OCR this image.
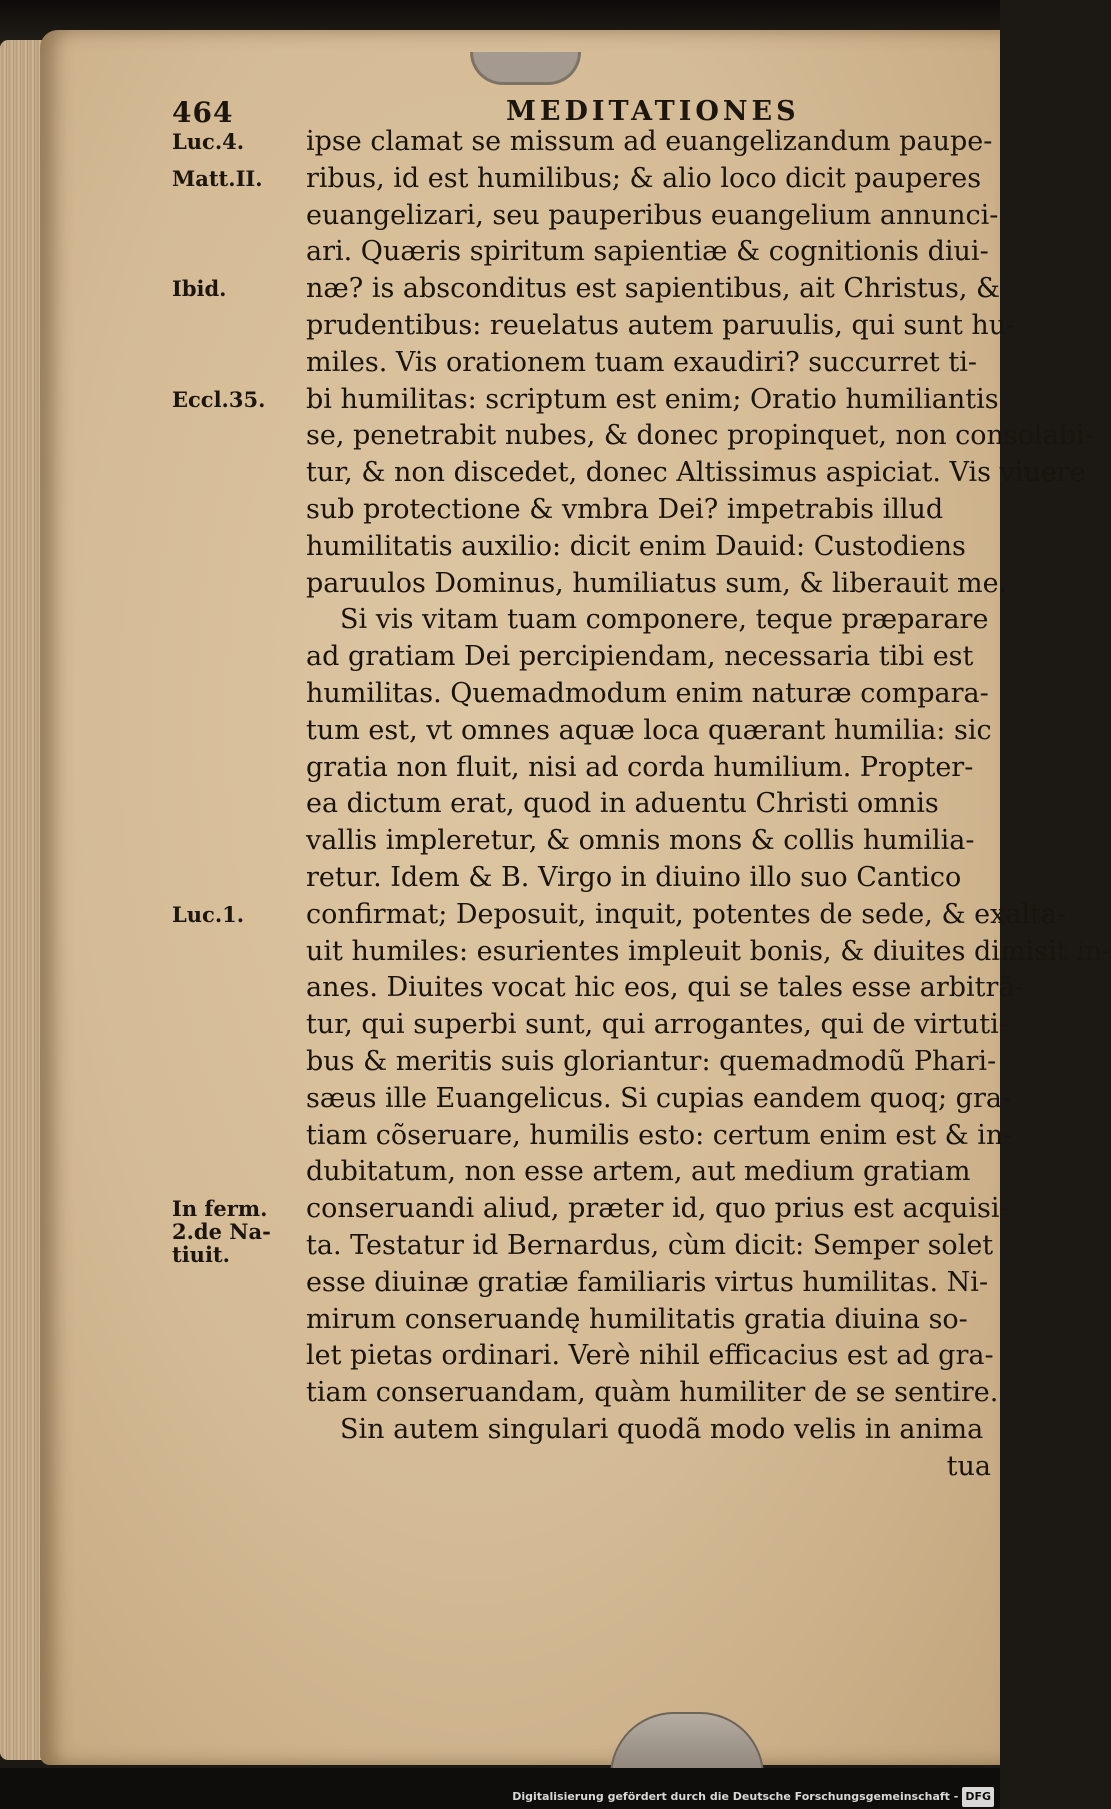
464	MEDITATIONES
Luc.4.
Matt.II.
Ibid.
Eccl.35.
Luc.1.
In ferm. 2.de Na-tiuit.
ipse clamat se missum ad euangelizandum paupe-
ribus, id est humilibus; & alio loco dicit pauperes
euangelizari, seu pauperibus euangelium annunci-
ari. Quæris spiritum sapientiæ & cognitionis diui-
næ? is absconditus est sapientibus, ait Christus, &
prudentibus: reuelatus autem paruulis, qui sunt hu-
miles. Vis orationem tuam exaudiri? succurret ti-
bi humilitas: scriptum est enim; Oratio humiliantis
se, penetrabit nubes, & donec propinquet, non consolabi-
tur, & non discedet, donec Altissimus aspiciat. Vis viuere
sub protectione & vmbra Dei? impetrabis illud
humilitatis auxilio: dicit enim Dauid: Custodiens
paruulos Dominus, humiliatus sum, & liberauit me.
Si vis vitam tuam componere, teque præparare
ad gratiam Dei percipiendam, necessaria tibi est
humilitas. Quemadmodum enim naturæ compara-
tum est, vt omnes aquæ loca quærant humilia: sic
gratia non fluit, nisi ad corda humilium. Propter-
ea dictum erat, quod in aduentu Christi omnis
vallis impleretur, & omnis mons & collis humilia-
retur. Idem & B. Virgo in diuino illo suo Cantico
confirmat; Deposuit, inquit, potentes de sede, & exalta-
uit humiles: esurientes impleuit bonis, & diuites dimisit in-
anes. Diuites vocat hic eos, qui se tales esse arbitrã-
tur, qui superbi sunt, qui arrogantes, qui de virtuti-
bus & meritis suis gloriantur: quemadmodũ Phari-
sæus ille Euangelicus. Si cupias eandem quoq; gra-
tiam cõseruare, humilis esto: certum enim est & in-
dubitatum, non esse artem, aut medium gratiam
conseruandi aliud, præter id, quo prius est acquisi-
ta. Testatur id Bernardus, cùm dicit: Semper solet
esse diuinæ gratiæ familiaris virtus humilitas. Ni-
mirum conseruandę humilitatis gratia diuina so-
let pietas ordinari. Verè nihil efficacius est ad gra-
tiam conseruandam, quàm humiliter de se sentire.
Sin autem singulari quodã modo velis in anima
tua
Digitalisierung gefördert durch die Deutsche Forschungsgemeinschaft - DFG
